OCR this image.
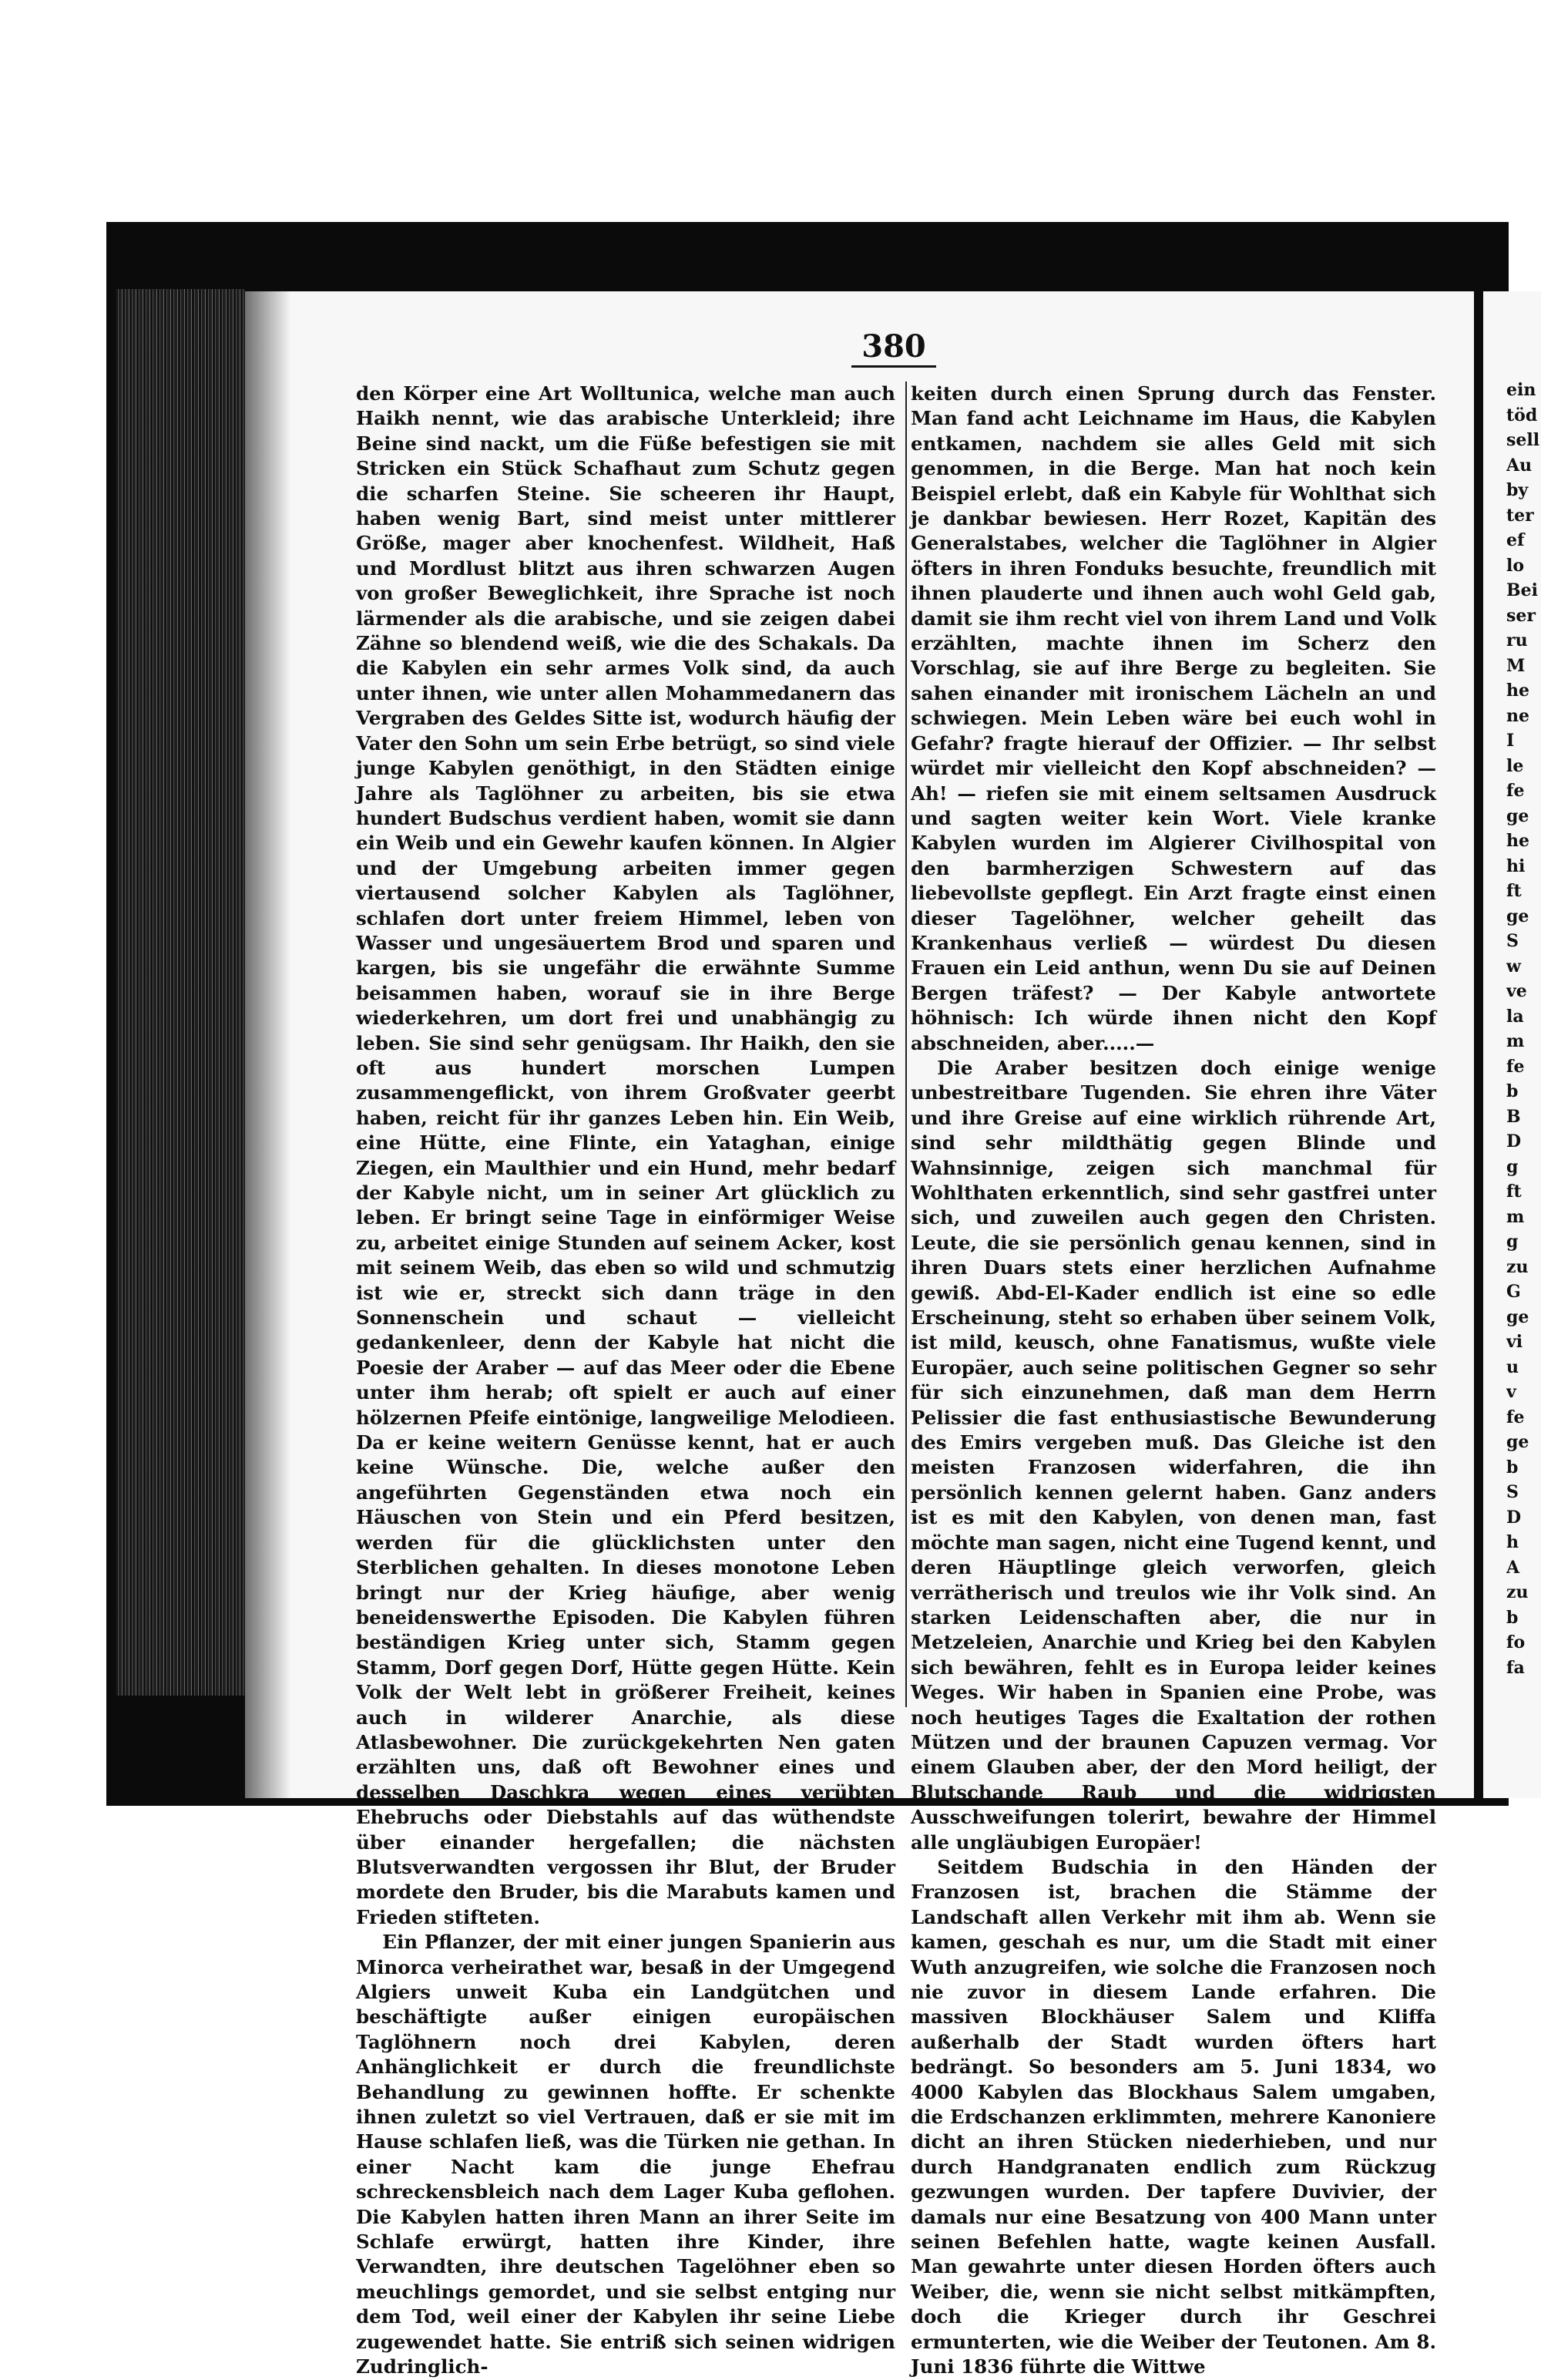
ein
töd
sell
Au
by
ter
ef
lo
Bei
ser
ru
M
he
ne
I
le
fe
ge
he
hi
ft
ge
S
w
ve
la
m
fe
b
B
D
g
ft
m
g
zu
G
ge
vi
u
v
fe
ge
b
S
D
h
A
zu
b
fo
fa
380

den Körper eine Art Wolltunica, welche man auch Haikh nennt, wie das arabische Unterkleid; ihre Beine sind nackt, um die Füße befestigen sie mit Stricken ein Stück Schafhaut zum Schutz gegen die scharfen Steine. Sie scheeren ihr Haupt, haben wenig Bart, sind meist unter mittlerer Größe, mager aber knochenfest. Wildheit, Haß und Mordlust blitzt aus ihren schwarzen Augen von großer Beweglichkeit, ihre Sprache ist noch lärmender als die arabische, und sie zeigen dabei Zähne so blendend weiß, wie die des Schakals. Da die Kabylen ein sehr armes Volk sind, da auch unter ihnen, wie unter allen Mohammedanern das Vergraben des Geldes Sitte ist, wodurch häufig der Vater den Sohn um sein Erbe betrügt, so sind viele junge Kabylen genöthigt, in den Städten einige Jahre als Taglöhner zu arbeiten, bis sie etwa hundert Budschus verdient haben, womit sie dann ein Weib und ein Gewehr kaufen können. In Algier und der Umgebung arbeiten immer gegen viertausend solcher Kabylen als Taglöhner, schlafen dort unter freiem Himmel, leben von Wasser und ungesäuertem Brod und sparen und kargen, bis sie ungefähr die erwähnte Summe beisammen haben, worauf sie in ihre Berge wiederkehren, um dort frei und unabhängig zu leben. Sie sind sehr genügsam. Ihr Haikh, den sie oft aus hundert morschen Lumpen zusammengeflickt, von ihrem Großvater geerbt haben, reicht für ihr ganzes Leben hin. Ein Weib, eine Hütte, eine Flinte, ein Yataghan, einige Ziegen, ein Maulthier und ein Hund, mehr bedarf der Kabyle nicht, um in seiner Art glücklich zu leben. Er bringt seine Tage in einförmiger Weise zu, arbeitet einige Stunden auf seinem Acker, kost mit seinem Weib, das eben so wild und schmutzig ist wie er, streckt sich dann träge in den Sonnenschein und schaut — vielleicht gedankenleer, denn der Kabyle hat nicht die Poesie der Araber — auf das Meer oder die Ebene unter ihm herab; oft spielt er auch auf einer hölzernen Pfeife eintönige, langweilige Melodieen. Da er keine weitern Genüsse kennt, hat er auch keine Wünsche. Die, welche außer den angeführten Gegenständen etwa noch ein Häuschen von Stein und ein Pferd besitzen, werden für die glücklichsten unter den Sterblichen gehalten. In dieses monotone Leben bringt nur der Krieg häufige, aber wenig beneidenswerthe Episoden. Die Kabylen führen beständigen Krieg unter sich, Stamm gegen Stamm, Dorf gegen Dorf, Hütte gegen Hütte. Kein Volk der Welt lebt in größerer Freiheit, keines auch in wilderer Anarchie, als diese Atlasbewohner. Die zurückgekehrten Nen gaten erzählten uns, daß oft Bewohner eines und desselben Daschkra wegen eines verübten Ehebruchs oder Diebstahls auf das wüthendste über einander hergefallen; die nächsten Blutsverwandten vergossen ihr Blut, der Bruder mordete den Bruder, bis die Marabuts kamen und Frieden stifteten.

Ein Pflanzer, der mit einer jungen Spanierin aus Minorca verheirathet war, besaß in der Umgegend Algiers unweit Kuba ein Landgütchen und beschäftigte außer einigen europäischen Taglöhnern noch drei Kabylen, deren Anhänglichkeit er durch die freundlichste Behandlung zu gewinnen hoffte. Er schenkte ihnen zuletzt so viel Vertrauen, daß er sie mit im Hause schlafen ließ, was die Türken nie gethan. In einer Nacht kam die junge Ehefrau schreckensbleich nach dem Lager Kuba geflohen. Die Kabylen hatten ihren Mann an ihrer Seite im Schlafe erwürgt, hatten ihre Kinder, ihre Verwandten, ihre deutschen Tagelöhner eben so meuchlings gemordet, und sie selbst entging nur dem Tod, weil einer der Kabylen ihr seine Liebe zugewendet hatte. Sie entriß sich seinen widrigen Zudringlich-

keiten durch einen Sprung durch das Fenster. Man fand acht Leichname im Haus, die Kabylen entkamen, nachdem sie alles Geld mit sich genommen, in die Berge. Man hat noch kein Beispiel erlebt, daß ein Kabyle für Wohlthat sich je dankbar bewiesen. Herr Rozet, Kapitän des Generalstabes, welcher die Taglöhner in Algier öfters in ihren Fonduks besuchte, freundlich mit ihnen plauderte und ihnen auch wohl Geld gab, damit sie ihm recht viel von ihrem Land und Volk erzählten, machte ihnen im Scherz den Vorschlag, sie auf ihre Berge zu begleiten. Sie sahen einander mit ironischem Lächeln an und schwiegen. Mein Leben wäre bei euch wohl in Gefahr? fragte hierauf der Offizier. — Ihr selbst würdet mir vielleicht den Kopf abschneiden? — Ah! — riefen sie mit einem seltsamen Ausdruck und sagten weiter kein Wort. Viele kranke Kabylen wurden im Algierer Civilhospital von den barmherzigen Schwestern auf das liebevollste gepflegt. Ein Arzt fragte einst einen dieser Tagelöhner, welcher geheilt das Krankenhaus verließ — würdest Du diesen Frauen ein Leid anthun, wenn Du sie auf Deinen Bergen träfest? — Der Kabyle antwortete höhnisch: Ich würde ihnen nicht den Kopf abschneiden, aber.....—

Die Araber besitzen doch einige wenige unbestreitbare Tugenden. Sie ehren ihre Väter und ihre Greise auf eine wirklich rührende Art, sind sehr mildthätig gegen Blinde und Wahnsinnige, zeigen sich manchmal für Wohlthaten erkenntlich, sind sehr gastfrei unter sich, und zuweilen auch gegen den Christen. Leute, die sie persönlich genau kennen, sind in ihren Duars stets einer herzlichen Aufnahme gewiß. Abd-El-Kader endlich ist eine so edle Erscheinung, steht so erhaben über seinem Volk, ist mild, keusch, ohne Fanatismus, wußte viele Europäer, auch seine politischen Gegner so sehr für sich einzunehmen, daß man dem Herrn Pelissier die fast enthusiastische Bewunderung des Emirs vergeben muß. Das Gleiche ist den meisten Franzosen widerfahren, die ihn persönlich kennen gelernt haben. Ganz anders ist es mit den Kabylen, von denen man, fast möchte man sagen, nicht eine Tugend kennt, und deren Häuptlinge gleich verworfen, gleich verrätherisch und treulos wie ihr Volk sind. An starken Leidenschaften aber, die nur in Metzeleien, Anarchie und Krieg bei den Kabylen sich bewähren, fehlt es in Europa leider keines Weges. Wir haben in Spanien eine Probe, was noch heutiges Tages die Exaltation der rothen Mützen und der braunen Capuzen vermag. Vor einem Glauben aber, der den Mord heiligt, der Blutschande Raub und die widrigsten Ausschweifungen tolerirt, bewahre der Himmel alle ungläubigen Europäer!

Seitdem Budschia in den Händen der Franzosen ist, brachen die Stämme der Landschaft allen Verkehr mit ihm ab. Wenn sie kamen, geschah es nur, um die Stadt mit einer Wuth anzugreifen, wie solche die Franzosen noch nie zuvor in diesem Lande erfahren. Die massiven Blockhäuser Salem und Kliffa außerhalb der Stadt wurden öfters hart bedrängt. So besonders am 5. Juni 1834, wo 4000 Kabylen das Blockhaus Salem umgaben, die Erdschanzen erklimmten, mehrere Kanoniere dicht an ihren Stücken niederhieben, und nur durch Handgranaten endlich zum Rückzug gezwungen wurden. Der tapfere Duvivier, der damals nur eine Besatzung von 400 Mann unter seinen Befehlen hatte, wagte keinen Ausfall. Man gewahrte unter diesen Horden öfters auch Weiber, die, wenn sie nicht selbst mitkämpften, doch die Krieger durch ihr Geschrei ermunterten, wie die Weiber der Teutonen. Am 8. Juni 1836 führte die Wittwe
